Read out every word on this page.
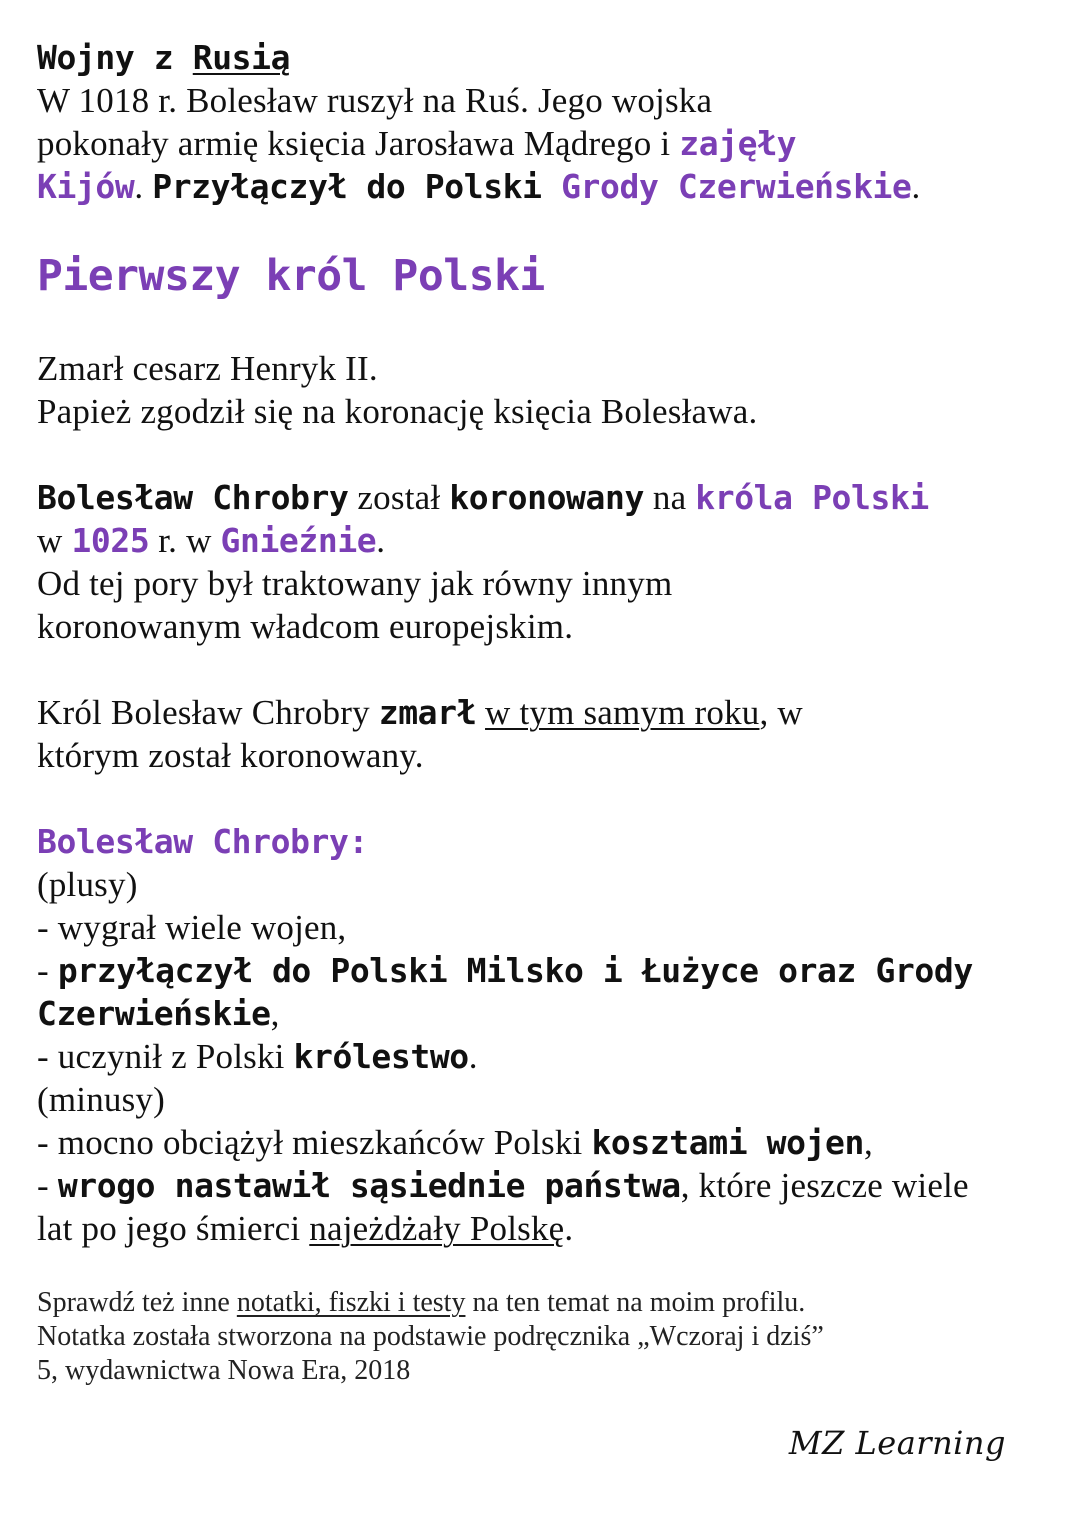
Wojny z Rusią

W 1018 r. Bolesław ruszył na Ruś. Jego wojska

pokonały armię księcia Jarosława Mądrego i zajęły

Kijów. Przyłączył do Polski Grody Czerwieńskie.

Pierwszy król Polski

Zmarł cesarz Henryk II.

Papież zgodził się na koronację księcia Bolesława.

Bolesław Chrobry został koronowany na króla Polski

w 1025 r. w Gnieźnie.

Od tej pory był traktowany jak równy innym

koronowanym władcom europejskim.

Król Bolesław Chrobry zmarł w tym samym roku, w

którym został koronowany.

Bolesław Chrobry:

(plusy)

- wygrał wiele wojen,

- przyłączył do Polski Milsko i Łużyce oraz Grody

Czerwieńskie,

- uczynił z Polski królestwo.

(minusy)

- mocno obciążył mieszkańców Polski kosztami wojen,

- wrogo nastawił sąsiednie państwa, które jeszcze wiele

lat po jego śmierci najeżdżały Polskę.

Sprawdź też inne notatki, fiszki i testy na ten temat na moim profilu.

Notatka została stworzona na podstawie podręcznika „Wczoraj i dziś”

5, wydawnictwa Nowa Era, 2018

MZ Learning
